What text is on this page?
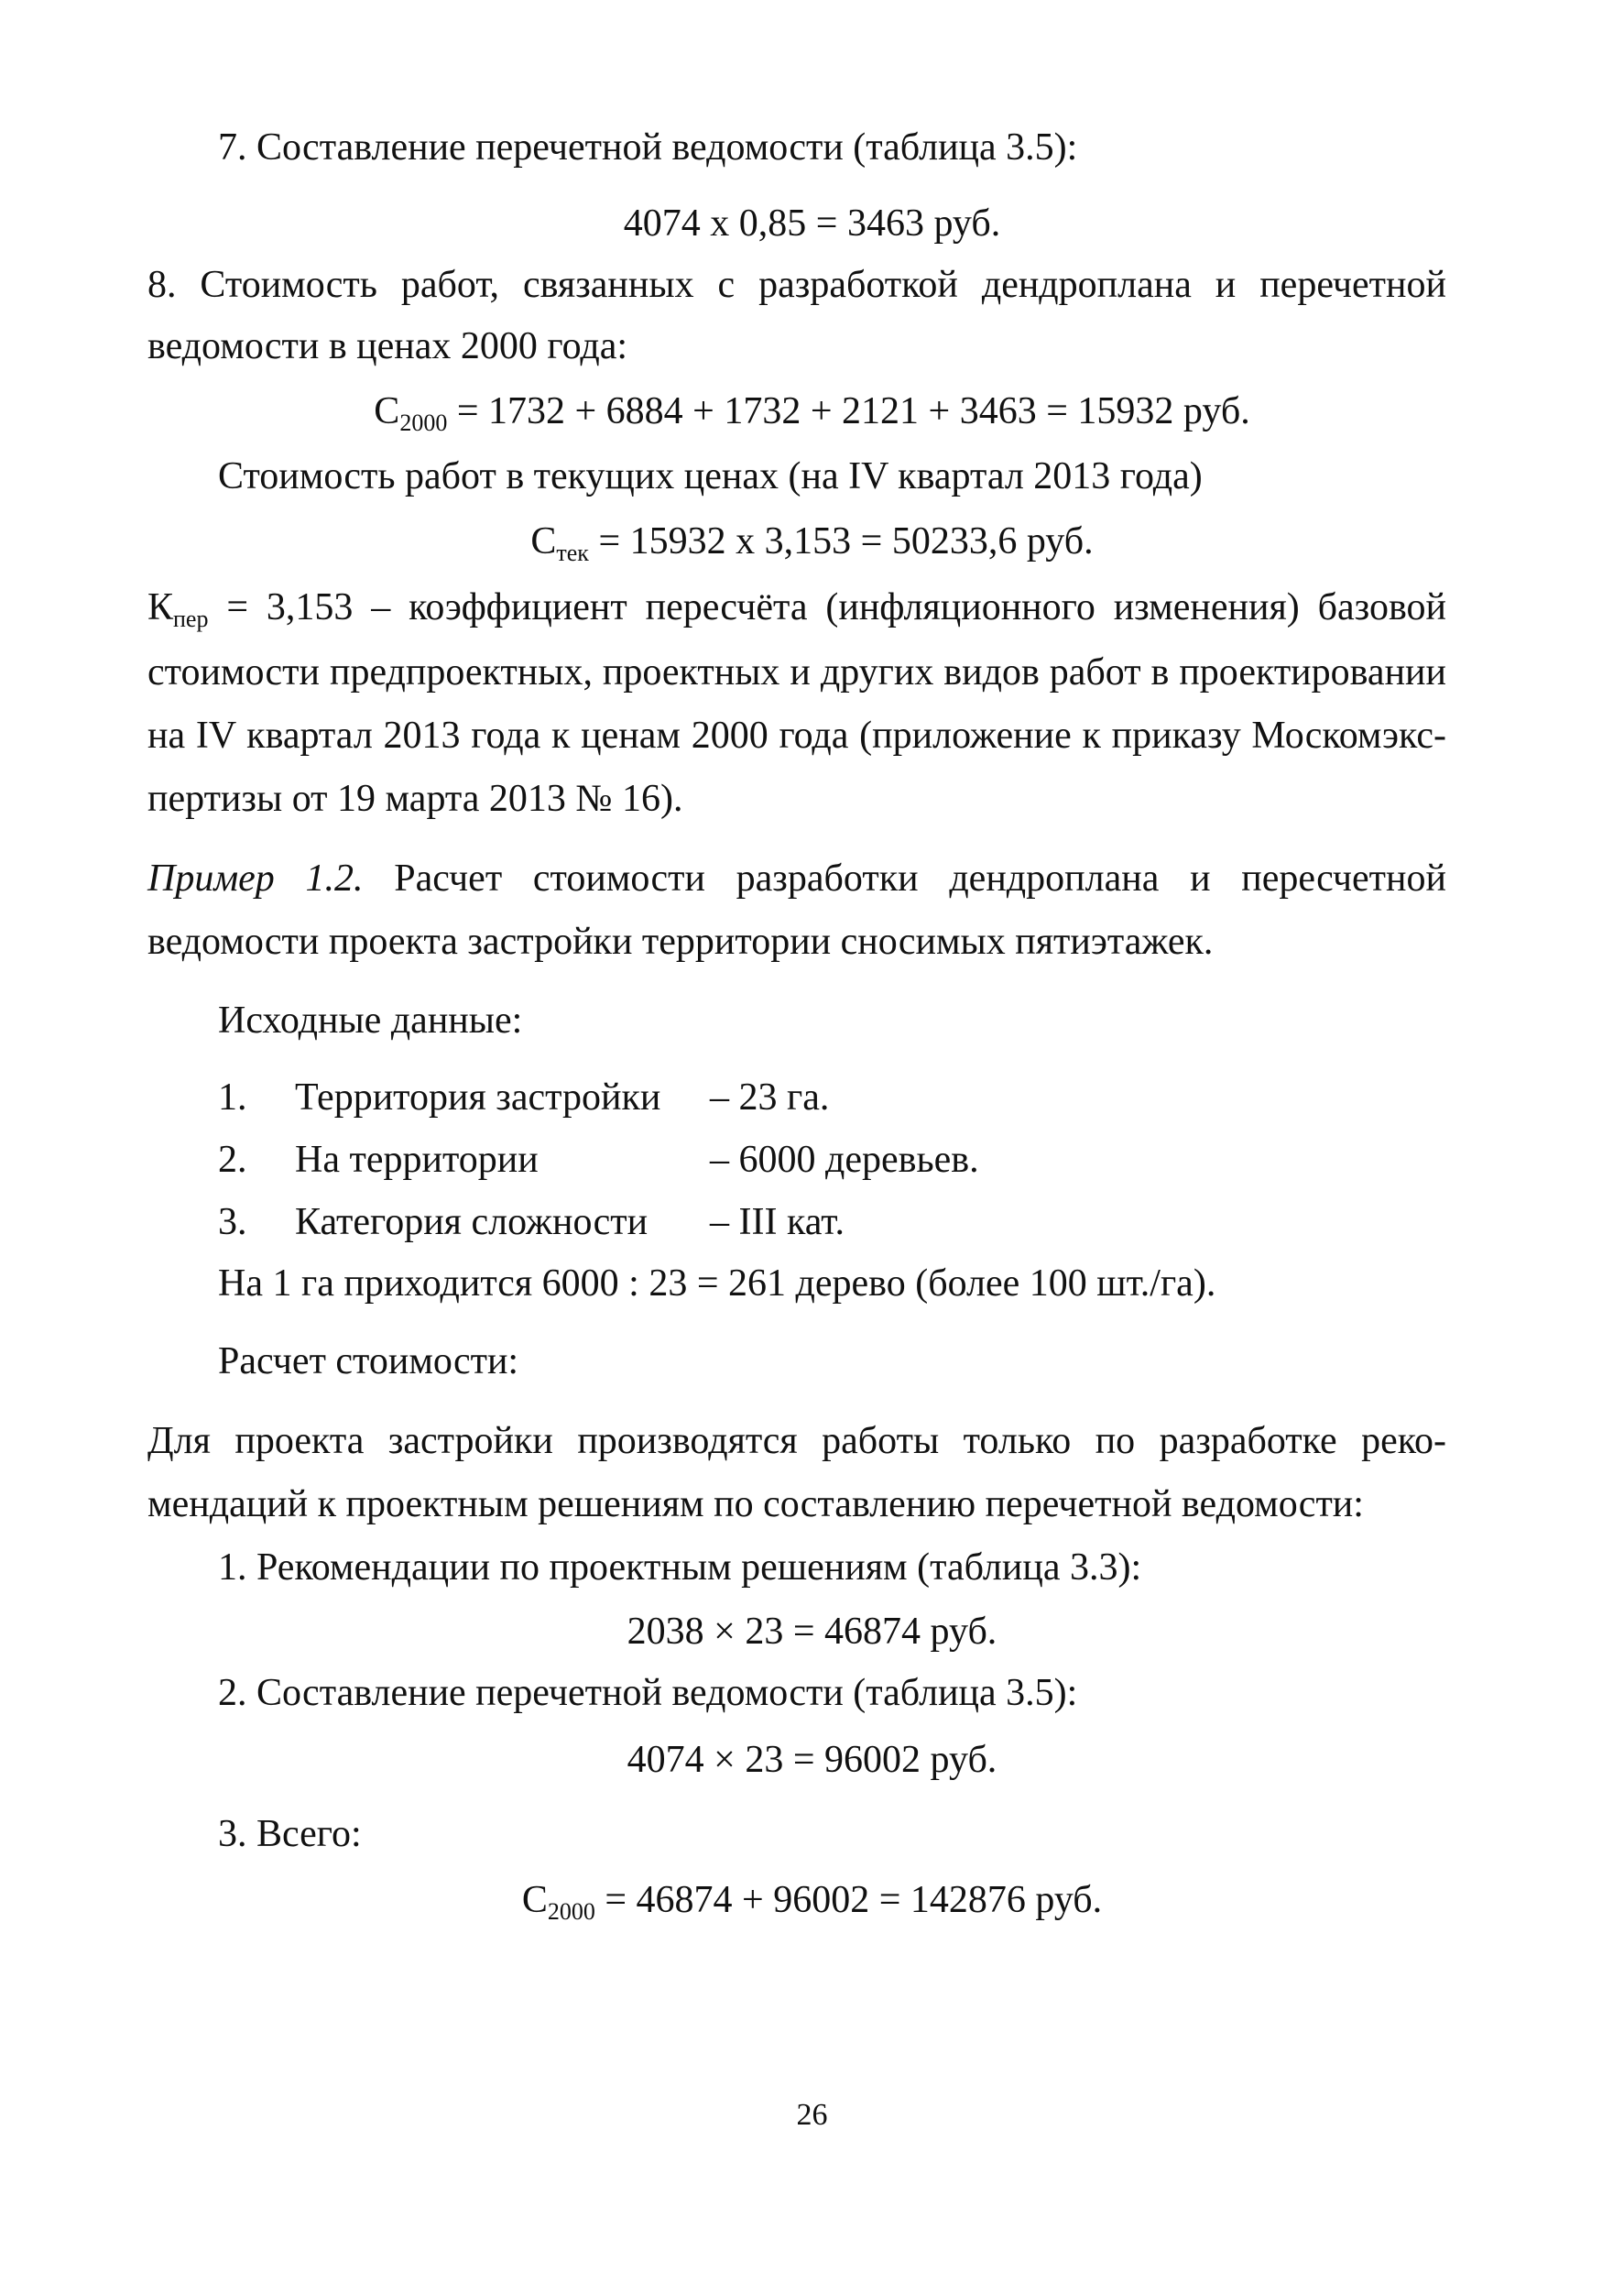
7. Составление перечетной ведомости (таблица 3.5):
4074 х 0,85 = 3463 руб.
8. Стоимость работ, связанных с разработкой дендроплана и перечетной
ведомости в ценах 2000 года:
$С_{2000} = 1732 + 6884 + 1732 + 2121 + 3463 = 15932$ руб.
Стоимость работ в текущих ценах (на IV квартал 2013 года)
$С_{тек} = 15932$ х 3,153 = 50233,6 руб.
$К_{пер} = 3,153$ – коэффициент пересчёта (инфляционного изменения) базовой
стоимости предпроектных, проектных и других видов работ в проектировании
на IV квартал 2013 года к ценам 2000 года (приложение к приказу Москомэкс-
пертизы от 19 марта 2013 № 16).
Пример 1.2. Расчет стоимости разработки дендроплана и пересчетной
ведомости проекта застройки территории сносимых пятиэтажек.
Исходные данные:
1. Территория застройки – 23 га.
2. На территории	– 6000 деревьев.
3. Категория сложности – III кат.
На 1 га приходится 6000 : 23 = 261 дерево (более 100 шт./га).
Расчет стоимости:
Для проекта застройки производятся работы только по разработке реко-
мендаций к проектным решениям по составлению перечетной ведомости:
1. Рекомендации по проектным решениям (таблица 3.3):
2038 × 23 = 46874 руб.
2. Составление перечетной ведомости (таблица 3.5):
4074 × 23 = 96002 руб.
3. Всего:
$С_{2000} = 46874 + 96002 = 142876$ руб.
26
